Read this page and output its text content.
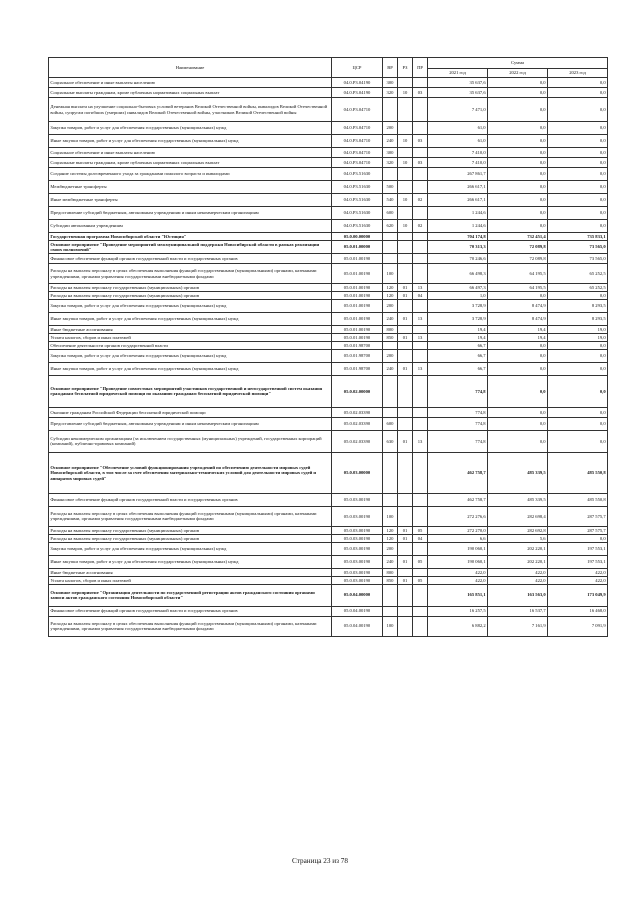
Наименование	ЦСР	ВР	РЗ	ПР	Сумма		
					2021 год	2022 год	2023 год
Социальное обеспечение и иные выплаты населению	04.0.P3.04190	300			35 637,6	0,0	0,0
Социальные выплаты гражданам, кроме публичных нормативных социальных выплат	04.0.P3.04190	320	10	03	35 637,6	0,0	0,0
Денежная выплата на улучшение социально-бытовых условий ветеранов Великой Отечественной войны, инвалидов Великой Отечественной войны, супругам погибших (умерших) инвалидов Великой Отечественной войны, участников Великой Отечественной войны	04.0.P3.04710				7 471,0	0,0	0,0
Закупка товаров, работ и услуг для обеспечения государственных (муниципальных) нужд	04.0.P3.04710	200			61,0	0,0	0,0
Иные закупки товаров, работ и услуг для обеспечения государственных (муниципальных) нужд	04.0.P3.04710	240	10	03	61,0	0,0	0,0
Социальное обеспечение и иные выплаты населению	04.0.P3.04710	300			7 410,0	0,0	0,0
Социальные выплаты гражданам, кроме публичных нормативных социальных выплат	04.0.P3.04710	320	10	03	7 410,0	0,0	0,0
Создание системы долговременного ухода за гражданами пожилого возраста и инвалидами	04.0.P3.51630				267 861,7	0,0	0,0
Межбюджетные трансферты	04.0.P3.51630	500			266 617,1	0,0	0,0
Иные межбюджетные трансферты	04.0.P3.51630	540	10	02	266 617,1	0,0	0,0
Предоставление субсидий бюджетным, автономным учреждениям и иным некоммерческим организациям	04.0.P3.51630	600			1 244,6	0,0	0,0
Субсидии автономным учреждениям	04.0.P3.51630	620	10	02	1 244,6	0,0	0,0
Государственная программа Новосибирской области "Юстиция"	05.0.00.00000				704 174,8	732 451,4	735 833,1
Основное мероприятие "Проведение мероприятий межмуниципальной поддержки Новосибирской области в рамках реализации своих полномочий"	05.0.01.00000				70 313,3	72 089,8	73 565,0
Финансовое обеспечение функций органов государственной власти и государственных органов	05.0.01.00190				70 246,6	72 089,8	73 565,0
Расходы на выплаты персоналу в целях обеспечения выполнения функций государственными (муниципальными) органами, казенными учреждениями, органами управления государственными внебюджетными фондами	05.0.01.00190	100			66 498,3	64 195,5	65 252,5
Расходы на выплаты персоналу государственных (муниципальных) органов	05.0.01.00190	120	01	13	66 497,3	64 195,5	65 252,5
Расходы на выплаты персоналу государственных (муниципальных) органов	05.0.01.00190	120	01	04	1,0	0,0	0,0
Закупка товаров, работ и услуг для обеспечения государственных (муниципальных) нужд	05.0.01.00190	200			3 728,9	8 474,9	8 293,5
Иные закупки товаров, работ и услуг для обеспечения государственных (муниципальных) нужд	05.0.01.00190	240	01	13	3 728,9	8 474,9	8 293,5
Иные бюджетные ассигнования	05.0.01.00190	800			19,4	19,4	19,0
Уплата налогов, сборов и иных платежей	05.0.01.00190	850	01	13	19,4	19,4	19,0
Обеспечение деятельности органов государственной власти	05.0.01.98700				66,7	0,0	0,0
Закупка товаров, работ и услуг для обеспечения государственных (муниципальных) нужд	05.0.01.98700	200			66,7	0,0	0,0
Иные закупки товаров, работ и услуг для обеспечения государственных (муниципальных) нужд	05.0.01.98700	240	01	13	66,7	0,0	0,0
Основное мероприятие "Проведение совместных мероприятий участников государственной и негосударственной систем оказания гражданам бесплатной юридической помощи по оказанию гражданам бесплатной юридической помощи"	05.0.02.00000				774,8	0,0	0,0
Оказание гражданам Российской Федерации бесплатной юридической помощи	05.0.02.03390				774,8	0,0	0,0
Предоставление субсидий бюджетным, автономным учреждениям и иным некоммерческим организациям	05.0.02.03390	600			774,8	0,0	0,0
Субсидии некоммерческим организациям (за исключением государственных (муниципальных) учреждений, государственных корпораций (компаний), публично-правовых компаний)	05.0.02.03390	630	01	13	774,8	0,0	0,0
Основное мероприятие "Обеспечение условий функционирования учреждений по обеспечению деятельности мировых судей Новосибирской области, в том числе за счет обеспечения материально-технических условий для деятельности мировых судей и аппаратов мировых судей"	05.0.03.00000				462 758,7	485 339,5	485 550,8
Финансовое обеспечение функций органов государственной власти и государственных органов	05.0.03.00190				462 758,7	485 339,5	485 550,8
Расходы на выплаты персоналу в целях обеспечения выполнения функций государственными (муниципальными) органами, казенными учреждениями, органами управления государственными внебюджетными фондами	05.0.03.00190	100			272 276,6	282 698,4	287 575,7
Расходы на выплаты персоналу государственных (муниципальных) органов	05.0.03.00190	120	01	05	272 270,0	282 692,8	287 575,7
Расходы на выплаты персоналу государственных (муниципальных) органов	05.0.03.00190	120	01	04	6,6	5,6	0,0
Закупка товаров, работ и услуг для обеспечения государственных (муниципальных) нужд	05.0.03.00190	200			190 060,1	202 220,1	197 553,1
Иные закупки товаров, работ и услуг для обеспечения государственных (муниципальных) нужд	05.0.03.00190	240	01	05	190 060,1	202 220,1	197 553,1
Иные бюджетные ассигнования	05.0.03.00190	800			422,0	422,0	422,0
Уплата налогов, сборов и иных платежей	05.0.03.00190	850	01	05	422,0	422,0	422,0
Основное мероприятие "Организация деятельности по государственной регистрации актов гражданского состояния органами записи актов гражданского состояния Новосибирской области"	05.0.04.00000				165 851,1	163 563,0	173 049,9
Финансовое обеспечение функций органов государственной власти и государственных органов	05.0.04.00190				16 257,5	16 537,7	16 468,0
Расходы на выплаты персоналу в целях обеспечения выполнения функций государственными (муниципальными) органами, казенными учреждениями, органами управления государственными внебюджетными фондами	05.0.04.00190	100			6 882,2	7 161,9	7 091,9
Страница 23 из 78
